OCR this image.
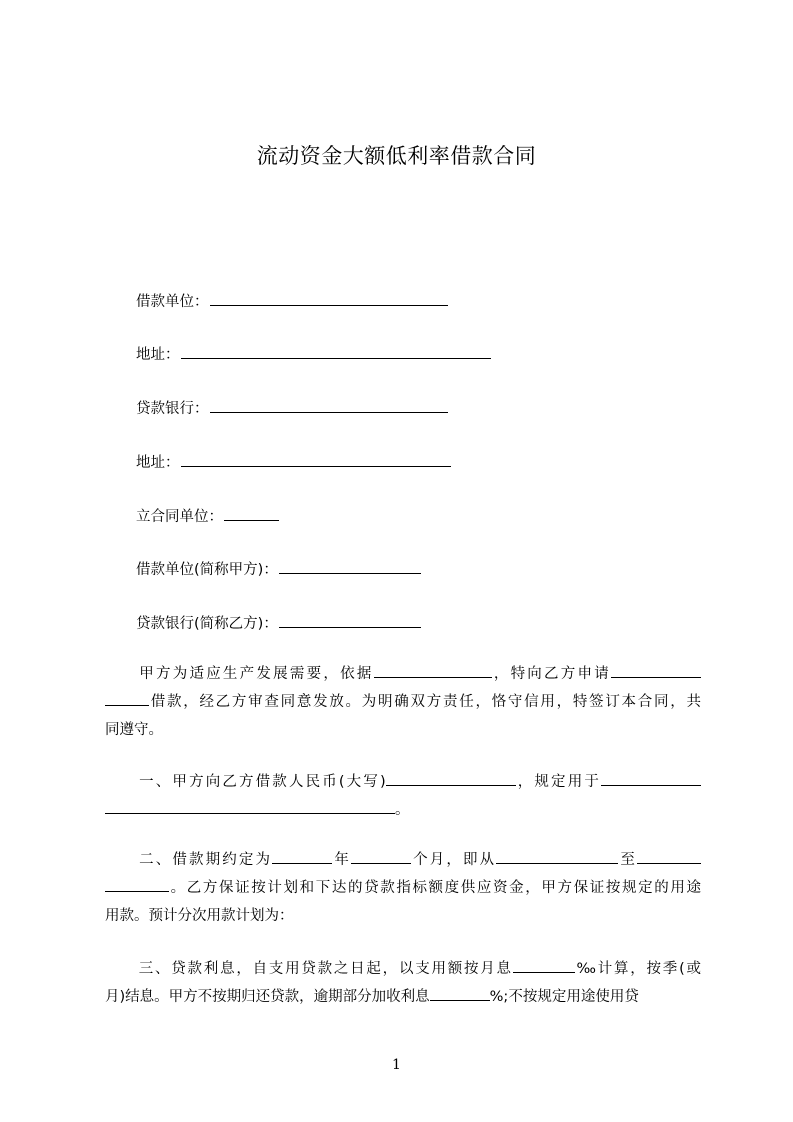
流动资金大额低利率借款合同
借款单位：
地址：
贷款银行：
地址：
立合同单位：
借款单位(简称甲方)：
贷款银行(简称乙方)：
甲方为适应生产发展需要，依据	，特向乙方申请
借款，经乙方审查同意发放。为明确双方责任，恪守信用，特签订本合同，共
同遵守。
一、甲方向乙方借款人民币(大写)	，规定用于
。
二、借款期约定为	年	个月，即从	至
。乙方保证按计划和下达的贷款指标额度供应资金，甲方保证按规定的用途
用款。预计分次用款计划为：
三、贷款利息，自支用贷款之日起，以支用额按月息	‰计算，按季(或
月)结息。甲方不按期归还贷款，逾期部分加收利息	%;不按规定用途使用贷
1
